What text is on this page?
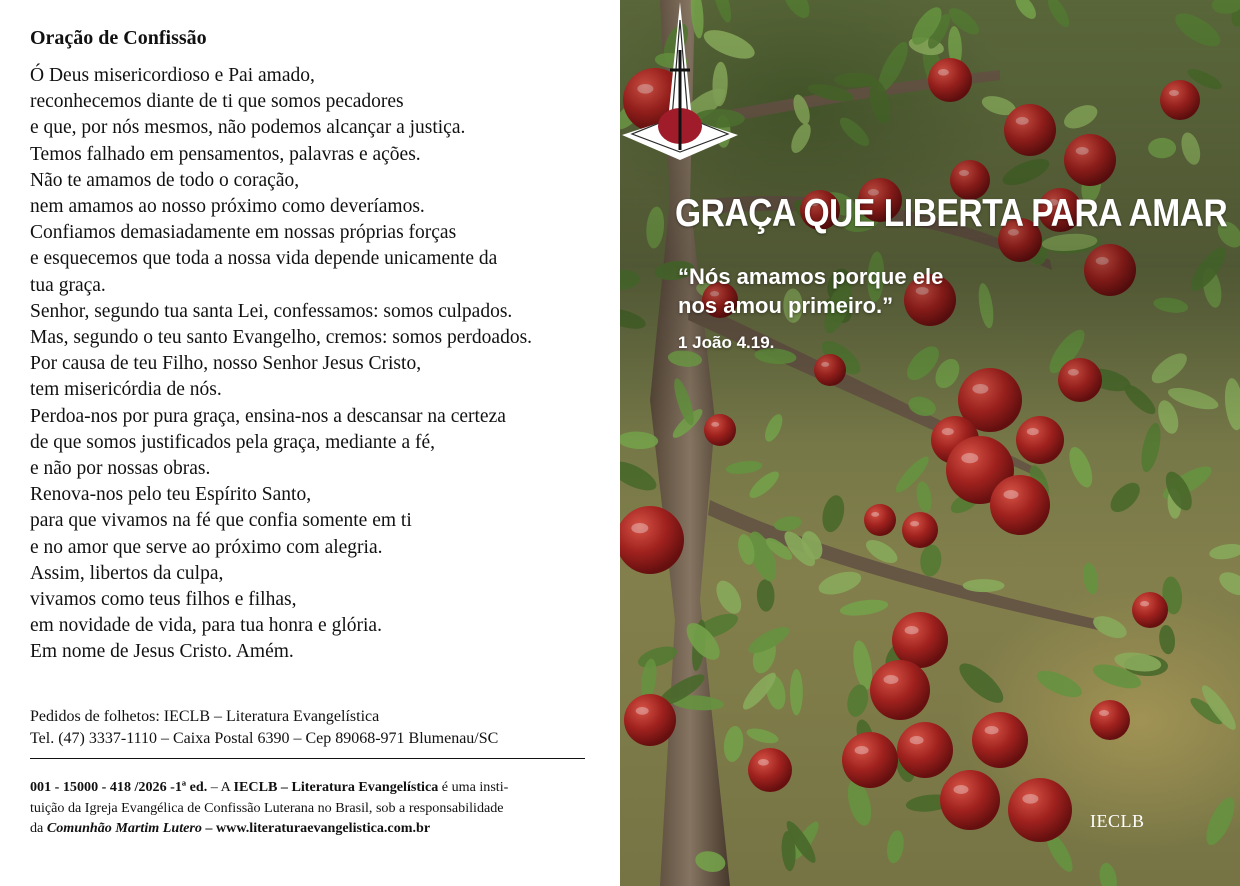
Oração de Confissão
Ó Deus misericordioso e Pai amado,
reconhecemos diante de ti que somos pecadores
e que, por nós mesmos, não podemos alcançar a justiça.
Temos falhado em pensamentos, palavras e ações.
Não te amamos de todo o coração,
nem amamos ao nosso próximo como deveríamos.
Confiamos demasiadamente em nossas próprias forças
e esquecemos que toda a nossa vida depende unicamente da
tua graça.
Senhor, segundo tua santa Lei, confessamos: somos culpados.
Mas, segundo o teu santo Evangelho, cremos: somos perdoados.
Por causa de teu Filho, nosso Senhor Jesus Cristo,
tem misericórdia de nós.
Perdoa-nos por pura graça, ensina-nos a descansar na certeza
de que somos justificados pela graça, mediante a fé,
e não por nossas obras.
Renova-nos pelo teu Espírito Santo,
para que vivamos na fé que confia somente em ti
e no amor que serve ao próximo com alegria.
Assim, libertos da culpa,
vivamos como teus filhos e filhas,
em novidade de vida, para tua honra e glória.
Em nome de Jesus Cristo. Amém.
Pedidos de folhetos: IECLB – Literatura Evangelística
Tel. (47) 3337-1110 – Caixa Postal 6390 – Cep 89068-971 Blumenau/SC
001 - 15000 - 418 /2026 -1ª ed. – A IECLB – Literatura Evangelística é uma insti-
tuição da Igreja Evangélica de Confissão Luterana no Brasil, sob a responsabilidade
da Comunhão Martim Lutero – www.literaturaevangelistica.com.br
GRAÇA QUE LIBERTA PARA AMAR
“Nós amamos porque ele
nos amou primeiro.”
1 João 4.19.
IECLB
